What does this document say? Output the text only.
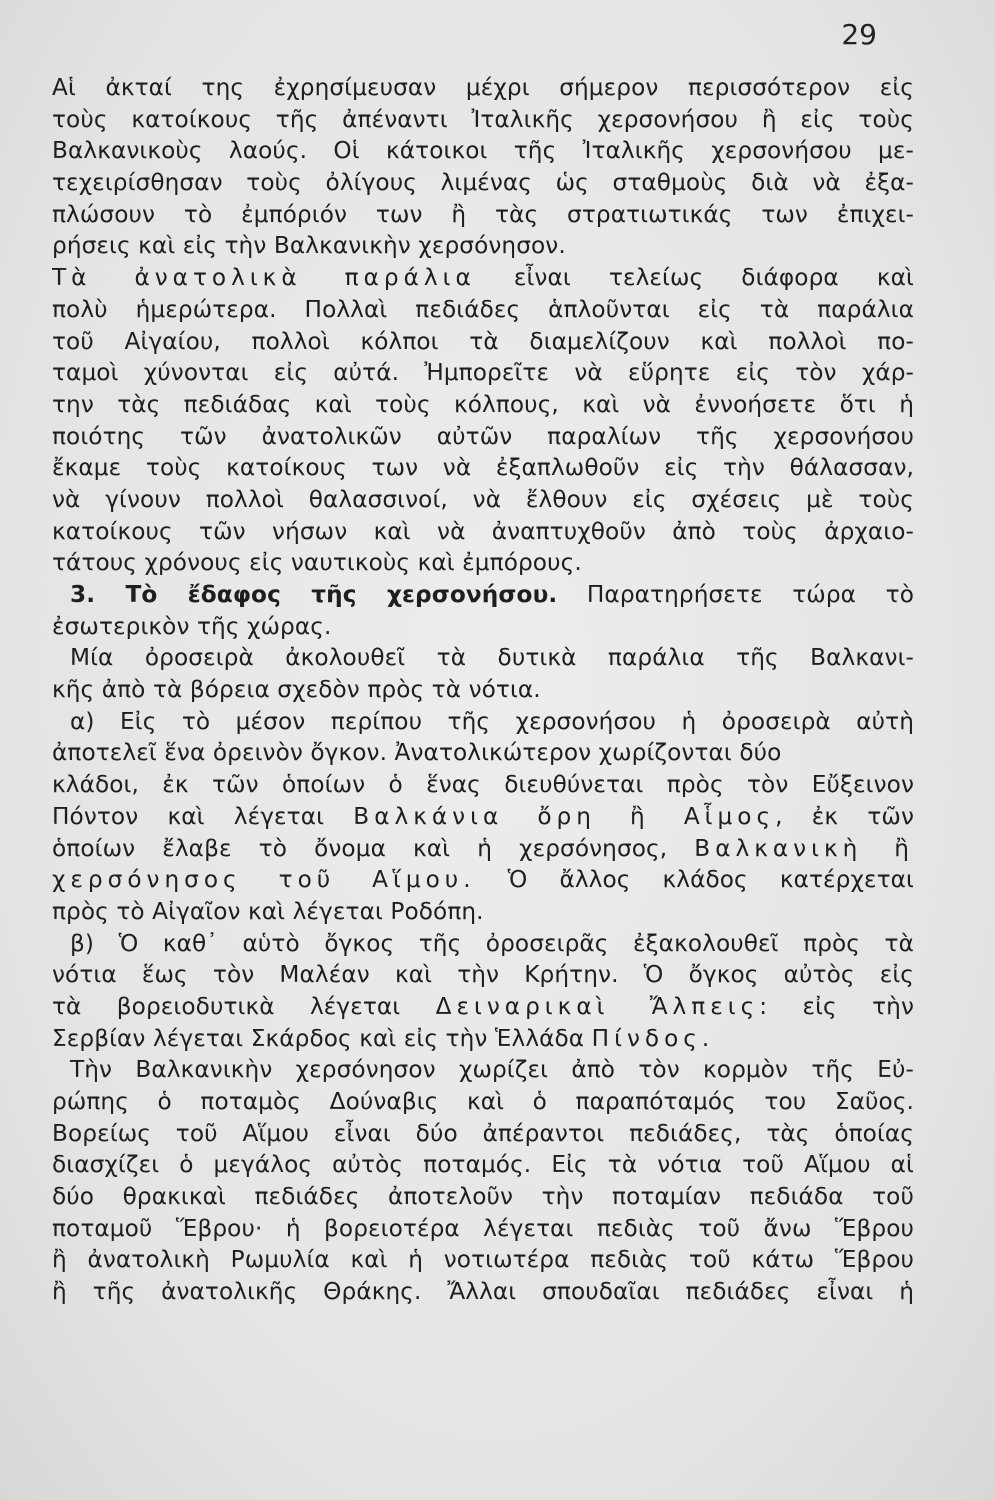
29
Αἱ ἀκταί της ἐχρησίμευσαν μέχρι σήμερον περισσότερον εἰς
τοὺς κατοίκους τῆς ἀπέναντι Ἰταλικῆς χερσονήσου ἢ εἰς τοὺς
Βαλκανικοὺς λαούς. Οἱ κάτοικοι τῆς Ἰταλικῆς χερσονήσου με-
τεχειρίσθησαν τοὺς ὀλίγους λιμένας ὡς σταθμοὺς διὰ νὰ ἐξα-
πλώσουν τὸ ἐμπόριόν των ἢ τὰς στρατιωτικάς των ἐπιχει-
ρήσεις καὶ εἰς τὴν Βαλκανικὴν χερσόνησον.
Τὰ ἀνατολικὰ παράλια εἶναι τελείως διάφορα καὶ
πολὺ ἡμερώτερα. Πολλαὶ πεδιάδες ἁπλοῦνται εἰς τὰ παράλια
τοῦ Αἰγαίου, πολλοὶ κόλποι τὰ διαμελίζουν καὶ πολλοὶ πο-
ταμοὶ χύνονται εἰς αὐτά. Ἠμπορεῖτε νὰ εὕρητε εἰς τὸν χάρ-
την τὰς πεδιάδας καὶ τοὺς κόλπους, καὶ νὰ ἐννοήσετε ὅτι ἡ
ποιότης τῶν ἀνατολικῶν αὐτῶν παραλίων τῆς χερσονήσου
ἔκαμε τοὺς κατοίκους των νὰ ἐξαπλωθοῦν εἰς τὴν θάλασσαν,
νὰ γίνουν πολλοὶ θαλασσινοί, νὰ ἔλθουν εἰς σχέσεις μὲ τοὺς
κατοίκους τῶν νήσων καὶ νὰ ἀναπτυχθοῦν ἀπὸ τοὺς ἀρχαιο-
τάτους χρόνους εἰς ναυτικοὺς καὶ ἐμπόρους.
3. Τὸ ἔδαφος τῆς χερσονήσου. Παρατηρήσετε τώρα τὸ
ἐσωτερικὸν τῆς χώρας.
Μία ὀροσειρὰ ἀκολουθεῖ τὰ δυτικὰ παράλια τῆς Βαλκανι-
κῆς ἀπὸ τὰ βόρεια σχεδὸν πρὸς τὰ νότια.
α) Εἰς τὸ μέσον περίπου τῆς χερσονήσου ἡ ὀροσειρὰ αὐτὴ
ἀποτελεῖ ἕνα ὀρεινὸν ὄγκον. Ἀνατολικώτερον χωρίζονται δύο
κλάδοι, ἐκ τῶν ὁποίων ὁ ἕνας διευθύνεται πρὸς τὸν Εὔξεινον
Πόντον καὶ λέγεται Βαλκάνια ὄρη ἢ Αἷμος, ἐκ τῶν
ὁποίων ἔλαβε τὸ ὄνομα καὶ ἡ χερσόνησος, Βαλκανικὴ ἢ
χερσόνησος τοῦ Αἵμου. Ὁ ἄλλος κλάδος κατέρχεται
πρὸς τὸ Αἰγαῖον καὶ λέγεται Ροδόπη.
β) Ὁ καθ᾿ αὑτὸ ὄγκος τῆς ὀροσειρᾶς ἐξακολουθεῖ πρὸς τὰ
νότια ἕως τὸν Μαλέαν καὶ τὴν Κρήτην. Ὁ ὄγκος αὐτὸς εἰς
τὰ βορειοδυτικὰ λέγεται Δειναρικαὶ Ἄλπεις: εἰς τὴν
Σερβίαν λέγεται Σκάρδος καὶ εἰς τὴν Ἑλλάδα Πίνδος.
Τὴν Βαλκανικὴν χερσόνησον χωρίζει ἀπὸ τὸν κορμὸν τῆς Εὐ-
ρώπης ὁ ποταμὸς Δούναβις καὶ ὁ παραπόταμός του Σαῦος.
Βορείως τοῦ Αἵμου εἶναι δύο ἀπέραντοι πεδιάδες, τὰς ὁποίας
διασχίζει ὁ μεγάλος αὐτὸς ποταμός. Εἰς τὰ νότια τοῦ Αἵμου αἱ
δύο θρακικαὶ πεδιάδες ἀποτελοῦν τὴν ποταμίαν πεδιάδα τοῦ
ποταμοῦ Ἕβρου· ἡ βορειοτέρα λέγεται πεδιὰς τοῦ ἄνω Ἕβρου
ἢ ἀνατολικὴ Ρωμυλία καὶ ἡ νοτιωτέρα πεδιὰς τοῦ κάτω Ἕβρου
ἢ τῆς ἀνατολικῆς Θράκης. Ἄλλαι σπουδαῖαι πεδιάδες εἶναι ἡ
